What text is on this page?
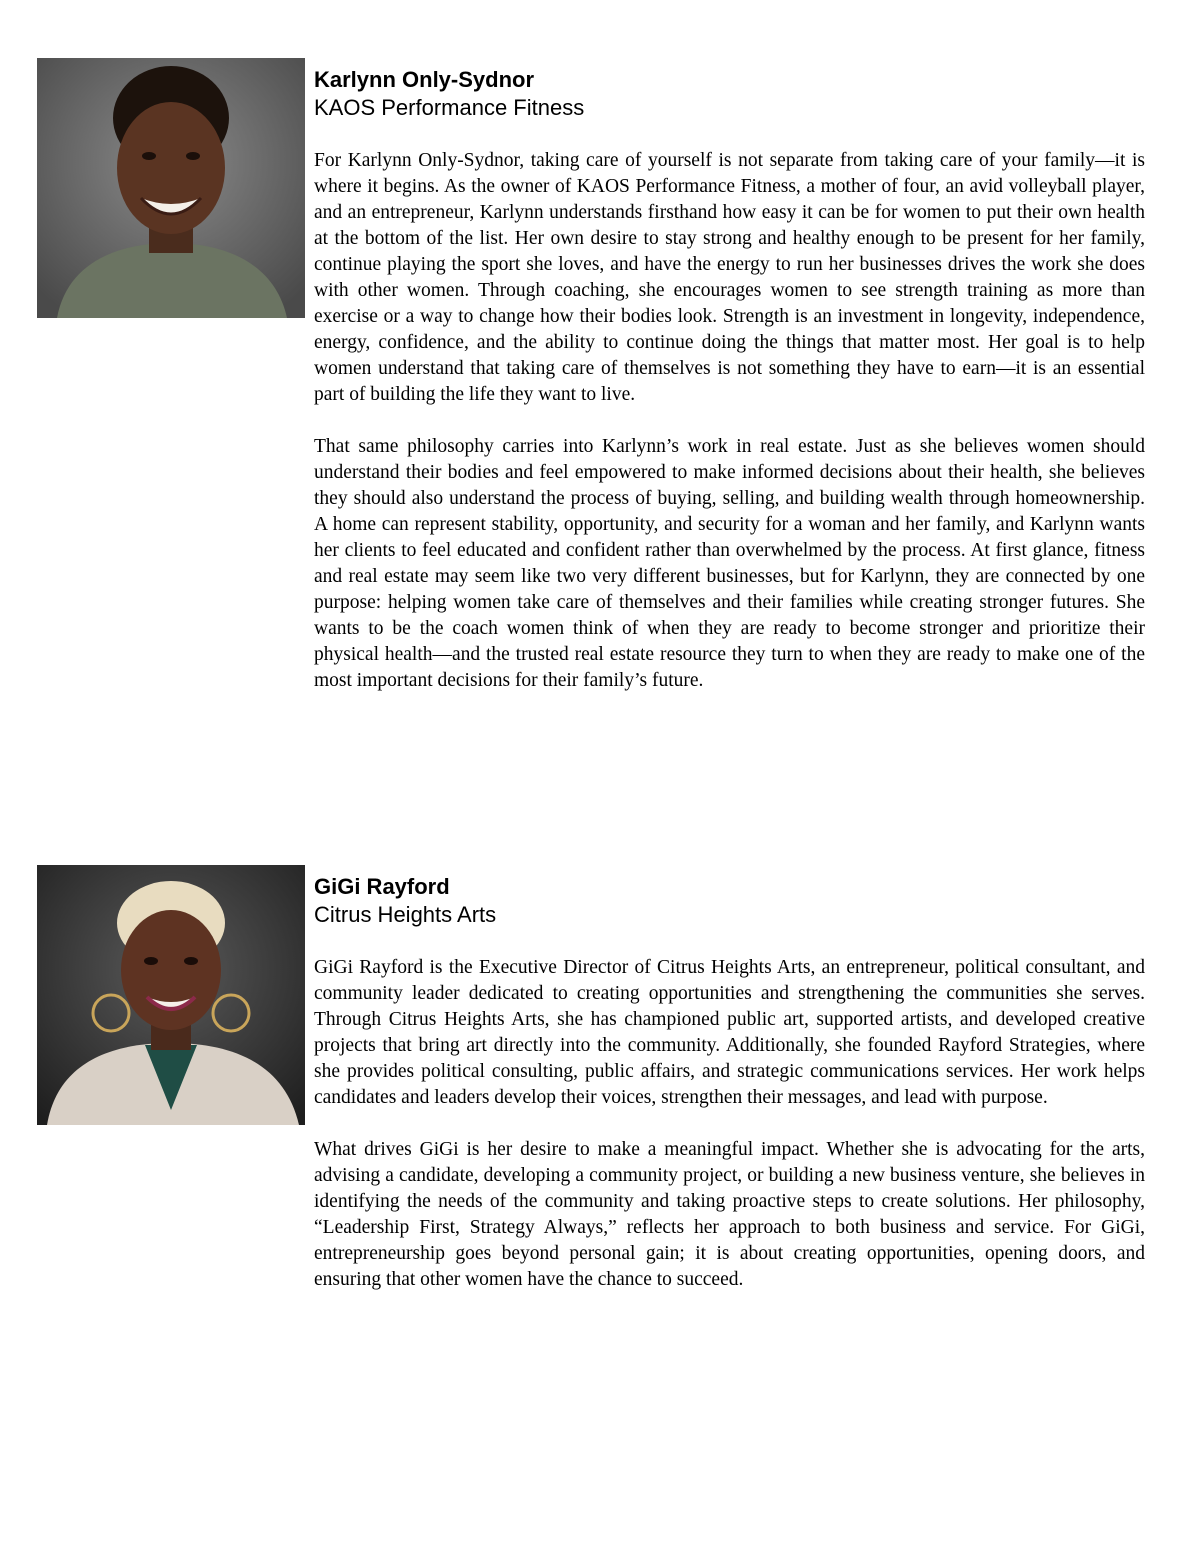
Karlynn Only-Sydnor

KAOS Performance Fitness

For Karlynn Only-Sydnor, taking care of yourself is not separate from taking care of your family—it is where it begins. As the owner of KAOS Performance Fitness, a mother of four, an avid volleyball player, and an entrepreneur, Karlynn understands firsthand how easy it can be for women to put their own health at the bottom of the list. Her own desire to stay strong and healthy enough to be present for her family, continue playing the sport she loves, and have the energy to run her businesses drives the work she does with other women. Through coaching, she encourages women to see strength training as more than exercise or a way to change how their bodies look. Strength is an investment in longevity, independence, energy, confidence, and the ability to continue doing the things that matter most. Her goal is to help women understand that taking care of themselves is not something they have to earn—it is an essential part of building the life they want to live.

That same philosophy carries into Karlynn’s work in real estate. Just as she believes women should understand their bodies and feel empowered to make informed decisions about their health, she believes they should also understand the process of buying, selling, and building wealth through homeownership. A home can represent stability, opportunity, and security for a woman and her family, and Karlynn wants her clients to feel educated and confident rather than overwhelmed by the process. At first glance, fitness and real estate may seem like two very different businesses, but for Karlynn, they are connected by one purpose: helping women take care of themselves and their families while creating stronger futures. She wants to be the coach women think of when they are ready to become stronger and prioritize their physical health—and the trusted real estate resource they turn to when they are ready to make one of the most important decisions for their family’s future.

GiGi Rayford

Citrus Heights Arts

GiGi Rayford is the Executive Director of Citrus Heights Arts, an entrepreneur, political consultant, and community leader dedicated to creating opportunities and strengthening the communities she serves. Through Citrus Heights Arts, she has championed public art, supported artists, and developed creative projects that bring art directly into the community. Additionally, she founded Rayford Strategies, where she provides political consulting, public affairs, and strategic communications services. Her work helps candidates and leaders develop their voices, strengthen their messages, and lead with purpose.

What drives GiGi is her desire to make a meaningful impact. Whether she is advocating for the arts, advising a candidate, developing a community project, or building a new business venture, she believes in identifying the needs of the community and taking proactive steps to create solutions. Her philosophy, “Leadership First, Strategy Always,” reflects her approach to both business and service. For GiGi, entrepreneurship goes beyond personal gain; it is about creating opportunities, opening doors, and ensuring that other women have the chance to succeed.
